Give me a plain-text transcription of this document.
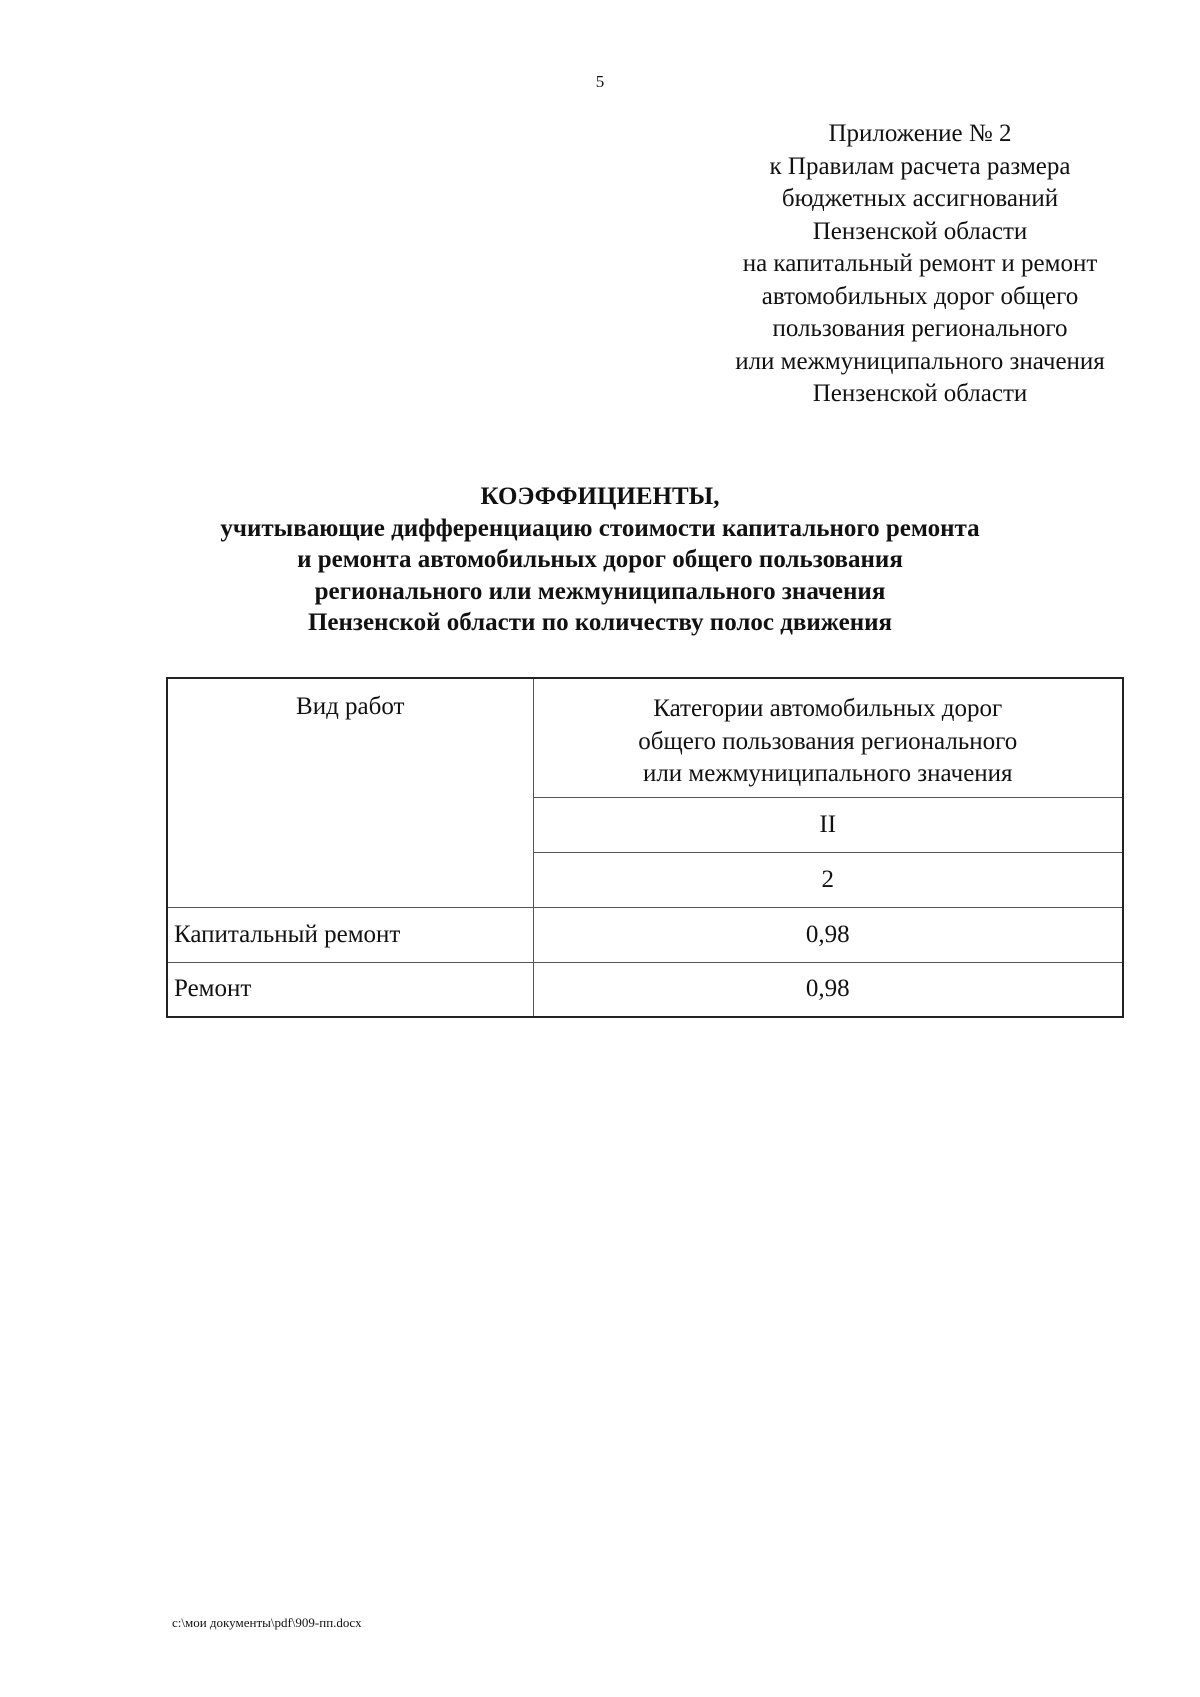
5
Приложение № 2
к Правилам расчета размера
бюджетных ассигнований
Пензенской области
на капитальный ремонт и ремонт
автомобильных дорог общего
пользования регионального
или межмуниципального значения
Пензенской области
КОЭФФИЦИЕНТЫ,
учитывающие дифференциацию стоимости капитального ремонта
и ремонта автомобильных дорог общего пользования
регионального или межмуниципального значения
Пензенской области по количеству полос движения
Вид работ	Категории автомобильных дорог
общего пользования регионального
или межмуниципального значения

	II
	2
Капитальный ремонт	0,98
Ремонт	0,98
c:\мои документы\pdf\909-пп.docx
